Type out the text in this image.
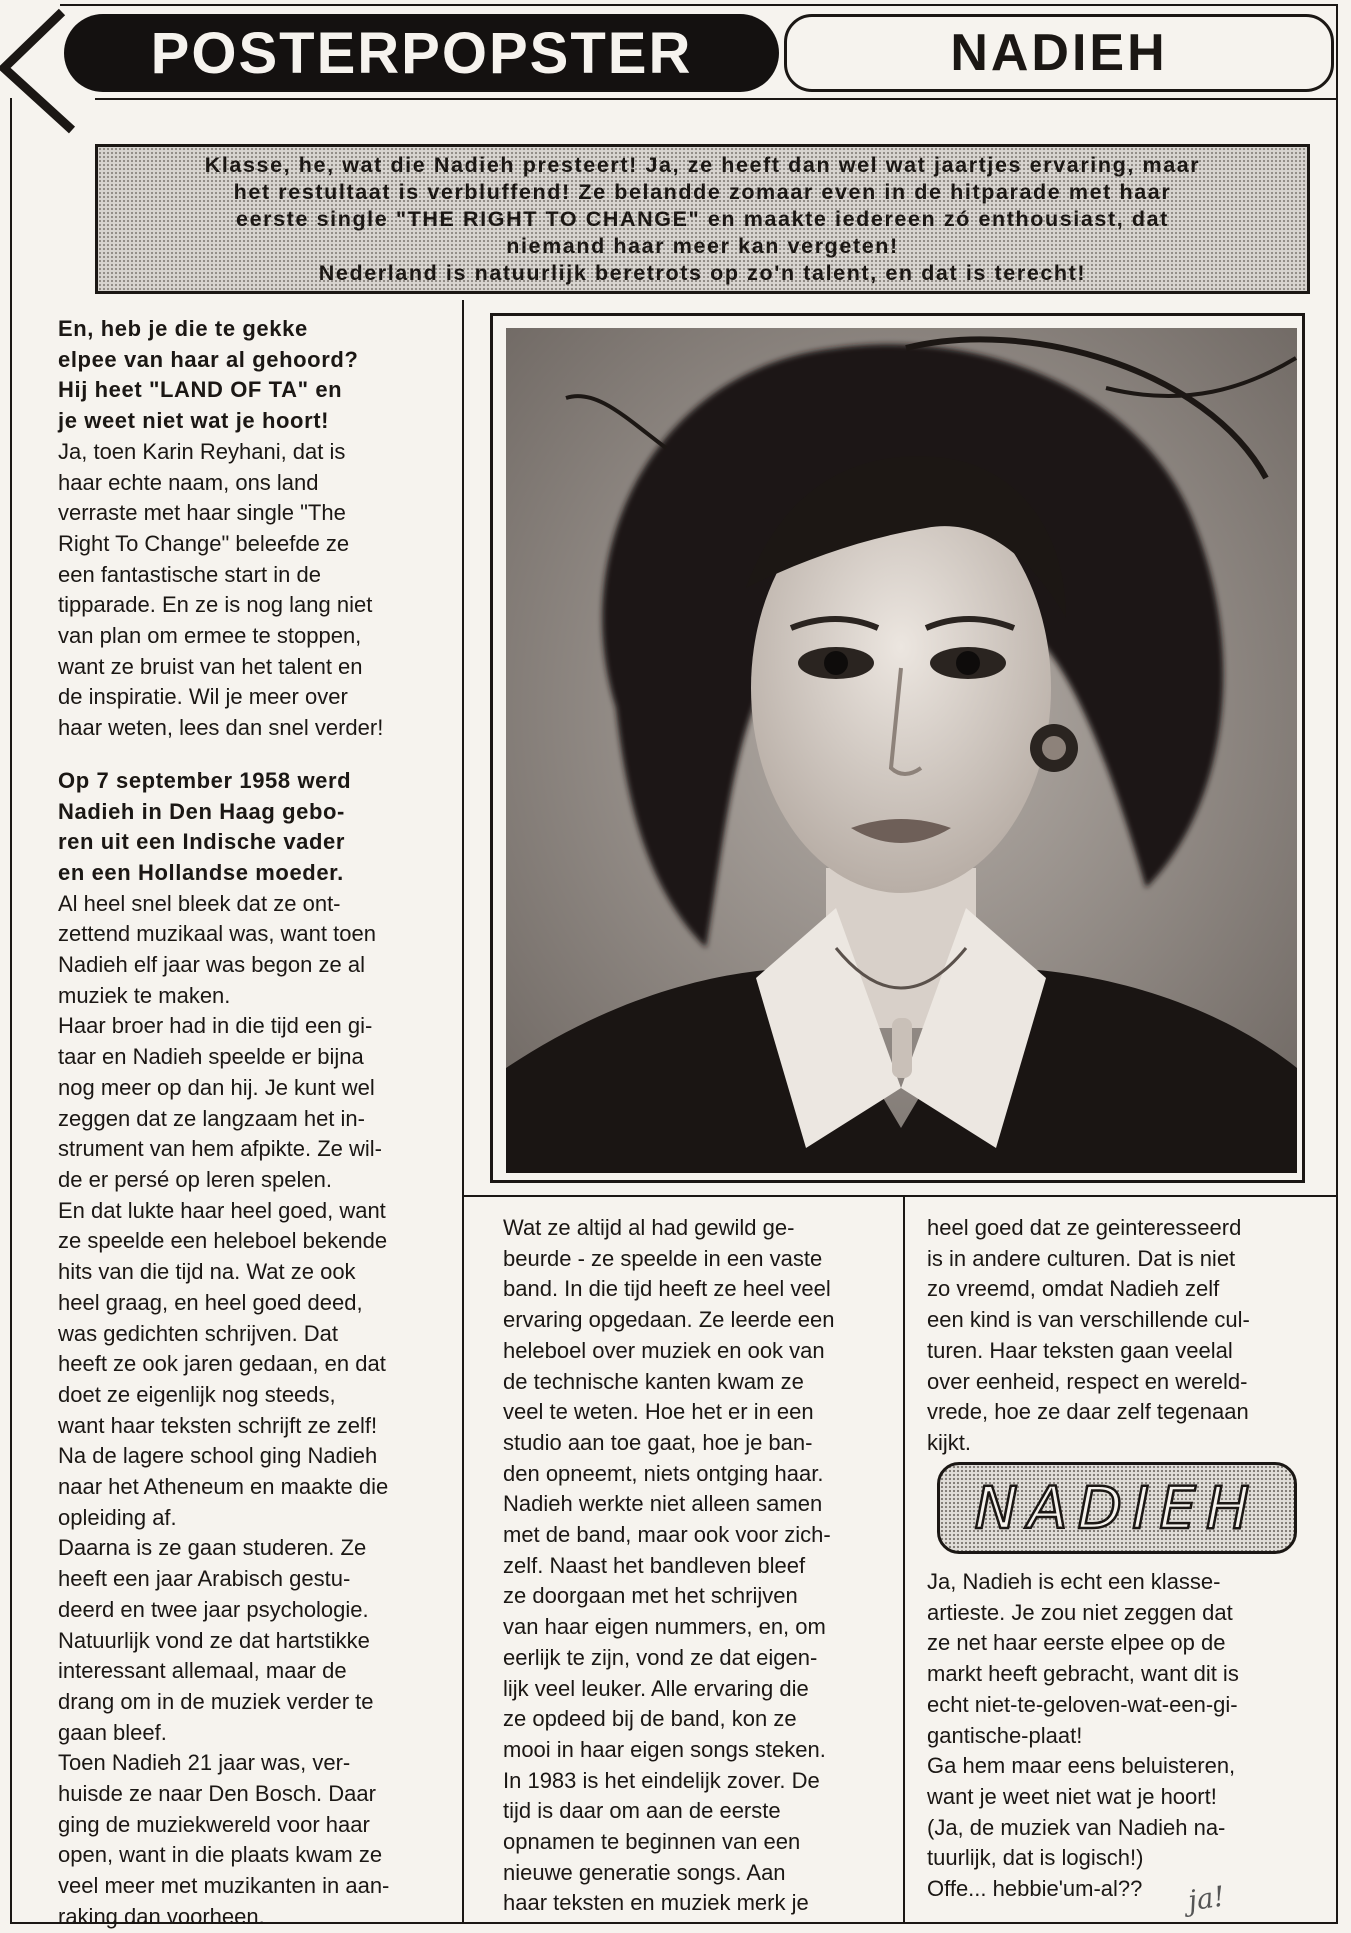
POSTERPOPSTER	NADIEH

Klasse, he, wat die Nadieh presteert! Ja, ze heeft dan wel wat jaartjes ervaring, maar

het restultaat is verbluffend! Ze belandde zomaar even in de hitparade met haar

eerste single "THE RIGHT TO CHANGE" en maakte iedereen zó enthousiast, dat

niemand haar meer kan vergeten!

Nederland is natuurlijk beretrots op zo'n talent, en dat is terecht!

En, heb je die te gekke

elpee van haar al gehoord?

Hij heet "LAND OF TA" en

je weet niet wat je hoort!

Ja, toen Karin Reyhani, dat is

haar echte naam, ons land

verraste met haar single "The

Right To Change" beleefde ze

een fantastische start in de

tipparade. En ze is nog lang niet

van plan om ermee te stoppen,

want ze bruist van het talent en

de inspiratie. Wil je meer over

haar weten, lees dan snel verder!

Op 7 september 1958 werd

Nadieh in Den Haag gebo-

ren uit een Indische vader

en een Hollandse moeder.

Al heel snel bleek dat ze ont-

zettend muzikaal was, want toen

Nadieh elf jaar was begon ze al

muziek te maken.

Haar broer had in die tijd een gi-

taar en Nadieh speelde er bijna

nog meer op dan hij. Je kunt wel

zeggen dat ze langzaam het in-

strument van hem afpikte. Ze wil-

de er persé op leren spelen.

En dat lukte haar heel goed, want

ze speelde een heleboel bekende

hits van die tijd na. Wat ze ook

heel graag, en heel goed deed,

was gedichten schrijven. Dat

heeft ze ook jaren gedaan, en dat

doet ze eigenlijk nog steeds,

want haar teksten schrijft ze zelf!

Na de lagere school ging Nadieh

naar het Atheneum en maakte die

opleiding af.

Daarna is ze gaan studeren. Ze

heeft een jaar Arabisch gestu-

deerd en twee jaar psychologie.

Natuurlijk vond ze dat hartstikke

interessant allemaal, maar de

drang om in de muziek verder te

gaan bleef.

Toen Nadieh 21 jaar was, ver-

huisde ze naar Den Bosch. Daar

ging de muziekwereld voor haar

open, want in die plaats kwam ze

veel meer met muzikanten in aan-

raking dan voorheen.

Wat ze altijd al had gewild ge-

beurde - ze speelde in een vaste

band. In die tijd heeft ze heel veel

ervaring opgedaan. Ze leerde een

heleboel over muziek en ook van

de technische kanten kwam ze

veel te weten. Hoe het er in een

studio aan toe gaat, hoe je ban-

den opneemt, niets ontging haar.

Nadieh werkte niet alleen samen

met de band, maar ook voor zich-

zelf. Naast het bandleven bleef

ze doorgaan met het schrijven

van haar eigen nummers, en, om

eerlijk te zijn, vond ze dat eigen-

lijk veel leuker. Alle ervaring die

ze opdeed bij de band, kon ze

mooi in haar eigen songs steken.

In 1983 is het eindelijk zover. De

tijd is daar om aan de eerste

opnamen te beginnen van een

nieuwe generatie songs. Aan

haar teksten en muziek merk je

heel goed dat ze geinteresseerd

is in andere culturen. Dat is niet

zo vreemd, omdat Nadieh zelf

een kind is van verschillende cul-

turen. Haar teksten gaan veelal

over eenheid, respect en wereld-

vrede, hoe ze daar zelf tegenaan

kijkt.

NADIEH

Ja, Nadieh is echt een klasse-

artieste. Je zou niet zeggen dat

ze net haar eerste elpee op de

markt heeft gebracht, want dit is

echt niet-te-geloven-wat-een-gi-

gantische-plaat!

Ga hem maar eens beluisteren,

want je weet niet wat je hoort!

(Ja, de muziek van Nadieh na-

tuurlijk, dat is logisch!)

Offe... hebbie'um-al??	ja!
